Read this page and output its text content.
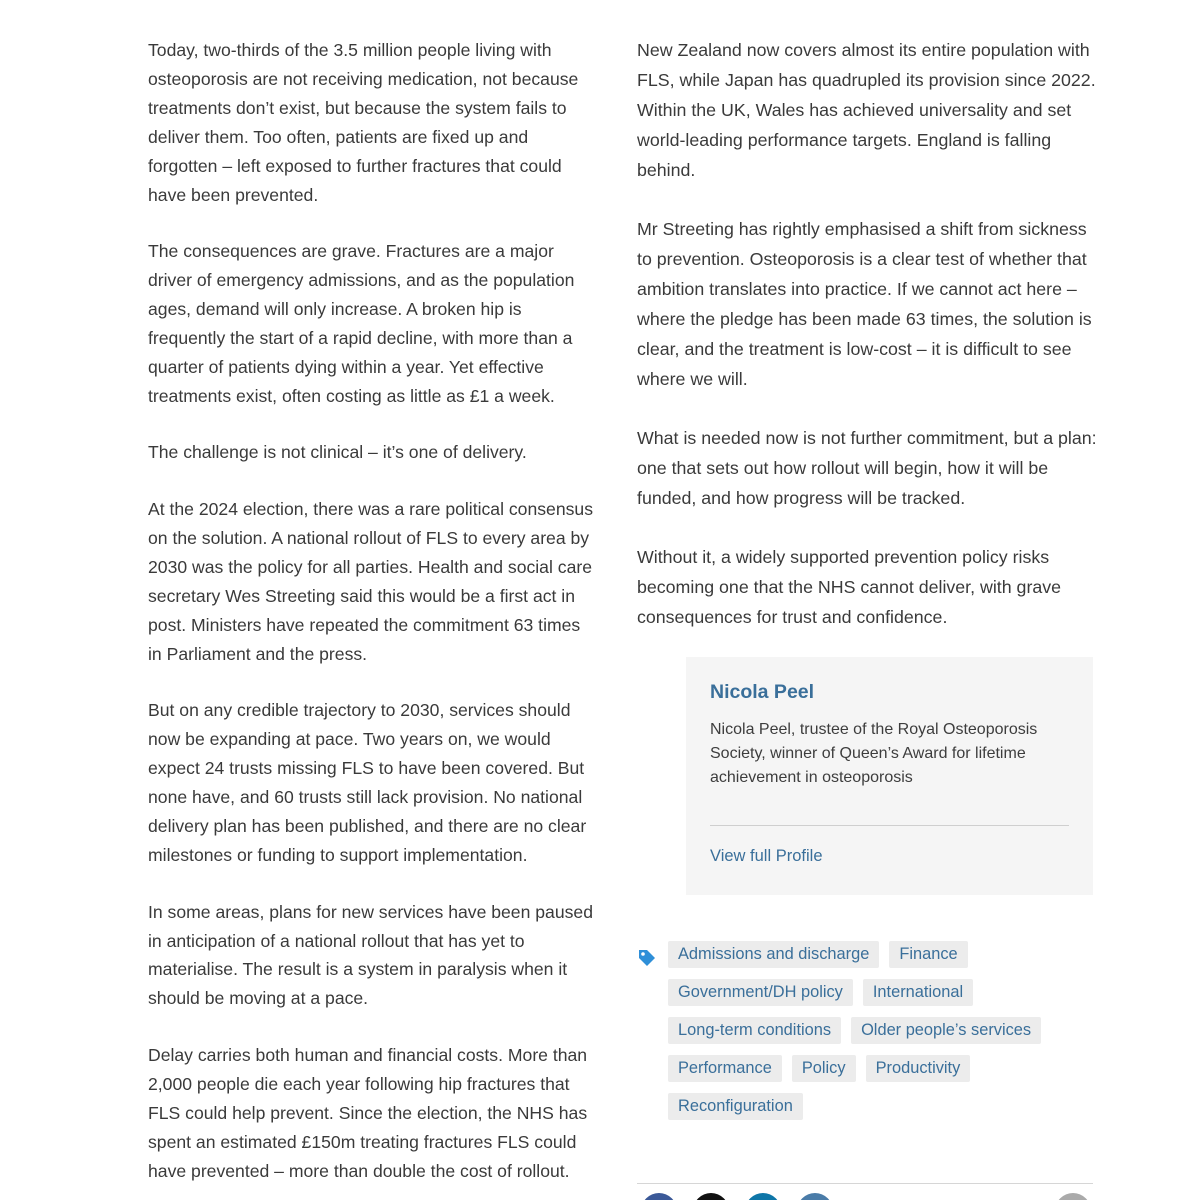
Today, two-thirds of the 3.5 million people living with osteoporosis are not receiving medication, not because treatments don’t exist, but because the system fails to deliver them. Too often, patients are fixed up and forgotten – left exposed to further fractures that could have been prevented.

The consequences are grave. Fractures are a major driver of emergency admissions, and as the population ages, demand will only increase. A broken hip is frequently the start of a rapid decline, with more than a quarter of patients dying within a year. Yet effective treatments exist, often costing as little as £1 a week.

The challenge is not clinical – it’s one of delivery.

At the 2024 election, there was a rare political consensus on the solution. A national rollout of FLS to every area by 2030 was the policy for all parties. Health and social care secretary Wes Streeting said this would be a first act in post. Ministers have repeated the commitment 63 times in Parliament and the press.

But on any credible trajectory to 2030, services should now be expanding at pace. Two years on, we would expect 24 trusts missing FLS to have been covered. But none have, and 60 trusts still lack provision. No national delivery plan has been published, and there are no clear milestones or funding to support implementation.

In some areas, plans for new services have been paused in anticipation of a national rollout that has yet to materialise. The result is a system in paralysis when it should be moving at a pace.

Delay carries both human and financial costs. More than 2,000 people die each year following hip fractures that FLS could help prevent. Since the election, the NHS has spent an estimated £150m treating fractures FLS could have prevented – more than double the cost of rollout.

New Zealand now covers almost its entire population with FLS, while Japan has quadrupled its provision since 2022. Within the UK, Wales has achieved universality and set world-leading performance targets. England is falling behind.

Mr Streeting has rightly emphasised a shift from sickness to prevention. Osteoporosis is a clear test of whether that ambition translates into practice. If we cannot act here – where the pledge has been made 63 times, the solution is clear, and the treatment is low-cost – it is difficult to see where we will.

What is needed now is not further commitment, but a plan: one that sets out how rollout will begin, how it will be funded, and how progress will be tracked.

Without it, a widely supported prevention policy risks becoming one that the NHS cannot deliver, with grave consequences for trust and confidence.

Nicola Peel
Nicola Peel, trustee of the Royal Osteoporosis Society, winner of Queen’s Award for lifetime achievement in osteoporosis
View full Profile
Admissions and discharge	Finance
Government/DH policy	International
Long-term conditions	Older people’s services
Performance	Policy	Productivity
Reconfiguration
